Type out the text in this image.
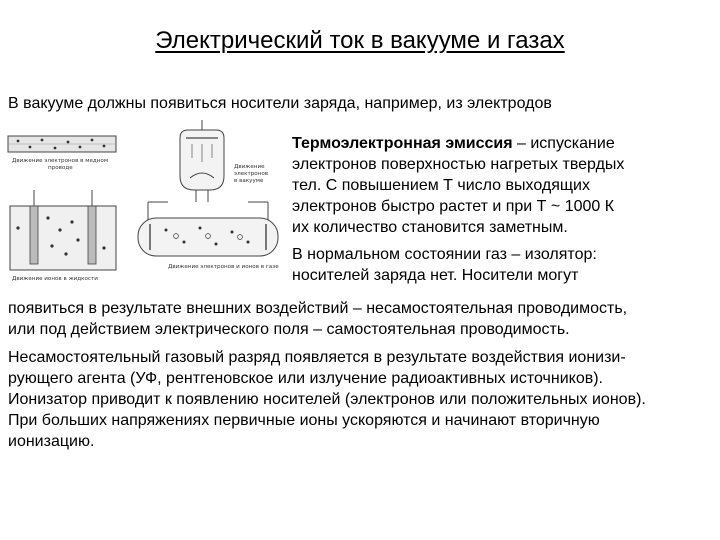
Электрический ток в вакууме и газах
В вакууме должны появиться носители заряда, например, из электродов
Движение электронов в медном
проводе	Движение
электронов
в вакууме
Движение ионов в жидкости
Движение электронов и ионов в газе
Термоэлектронная эмиссия – испускание
электронов поверхностью нагретых твердых
тел. С повышением Т число выходящих
электронов быстро растет и при Т ~ 1000 К
их количество становится заметным.
В нормальном состоянии газ – изолятор:
носителей заряда нет. Носители могут
появиться в результате внешних воздействий – несамостоятельная проводимость,
или под действием электрического поля – самостоятельная проводимость.
Несамостоятельный газовый разряд появляется в результате воздействия ионизи-
рующего агента (УФ, рентгеновское или излучение радиоактивных источников).
Ионизатор приводит к появлению носителей (электронов или положительных ионов).
При больших напряжениях первичные ионы ускоряются и начинают вторичную
ионизацию.
